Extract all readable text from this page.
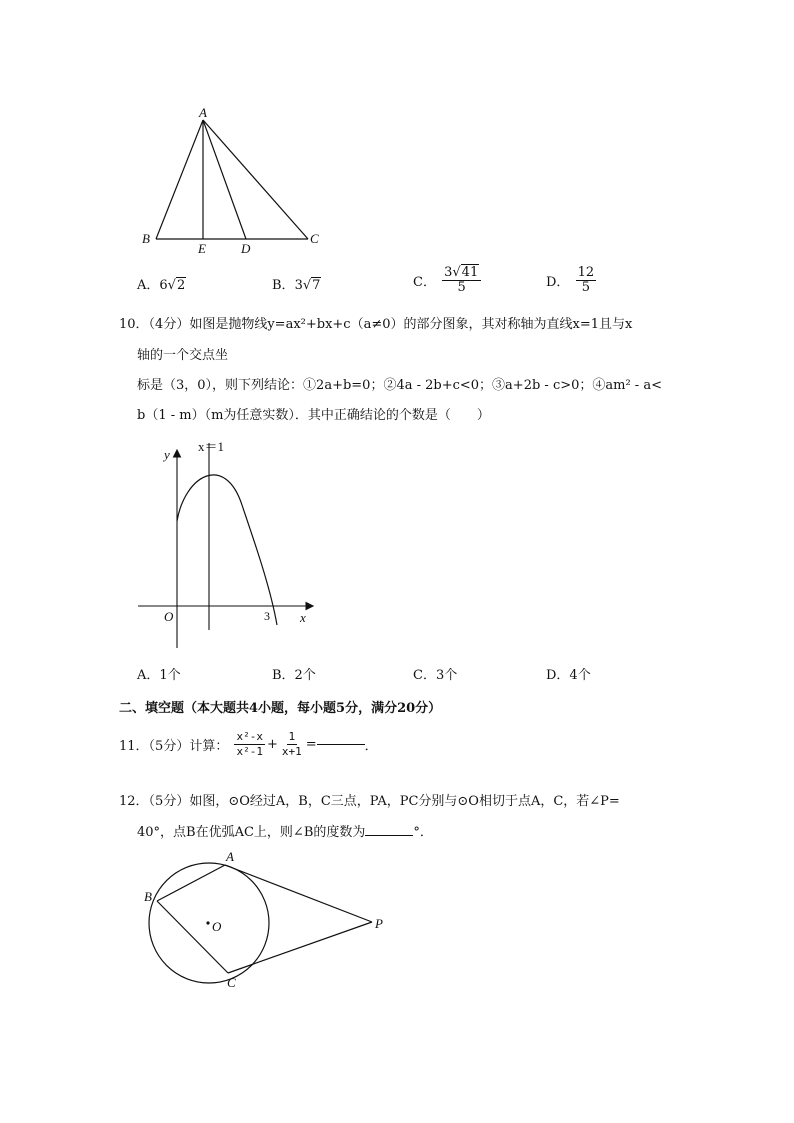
A
B
E	D
C
A．6√2	B．3√7	C． $\frac{3√41}{5}$	D． $\frac{12}{5}$
10．（4分）如图是抛物线y=ax²+bx+c（a≠0）的部分图象，其对称轴为直线x=1且与x
轴的一个交点坐
标是（3，0），则下列结论：①2a+b=0；②4a - 2b+c<0；③a+2b - c>0；④am² - a<
b（1 - m）（m为任意实数）．其中正确结论的个数是（　　）
x＝1
y
O	3 x
A．1个	B．2个	C．3个	D．4个
二、填空题（本大题共4小题，每小题5分，满分20分）
11．（5分）计算： $\frac{\text{x²-x}}{\text{x²-1}} + \frac{1}{x+1}$ =	．
12．（5分）如图，⊙O经过A，B，C三点，PA，PC分别与⊙O相切于点A，C，若∠P=
40°，点B在优弧AC上，则∠B的度数为	°．
A
B
O
C
P
